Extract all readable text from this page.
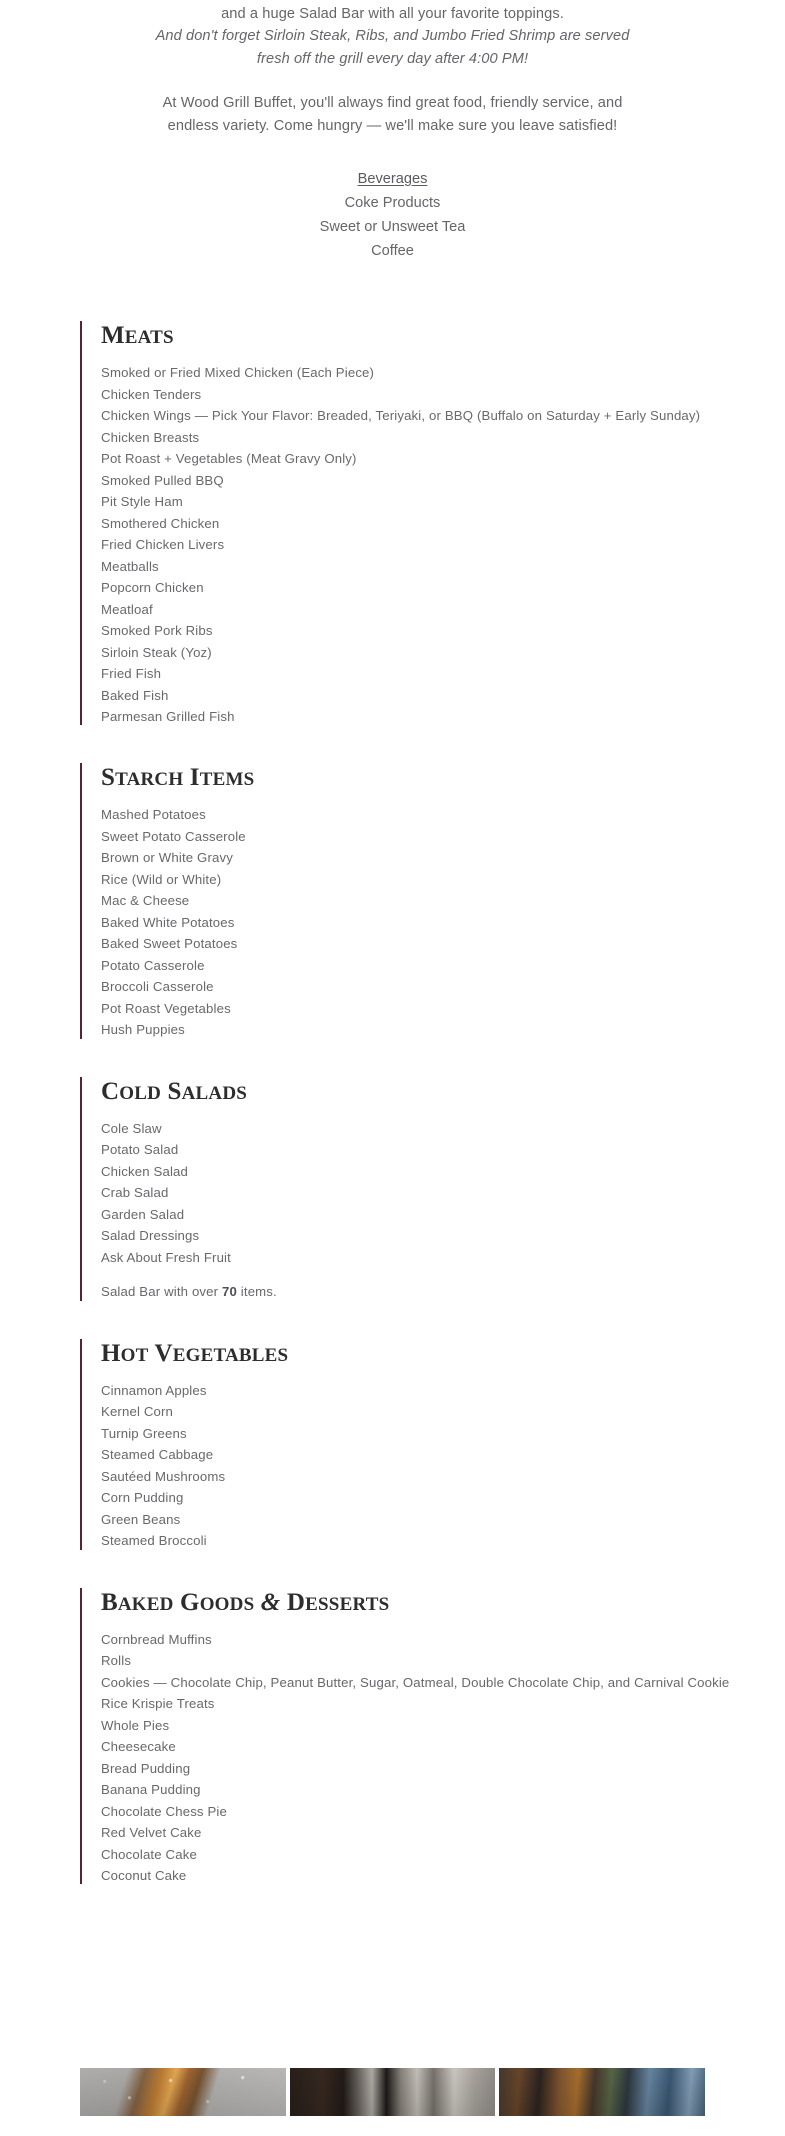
and a huge Salad Bar with all your favorite toppings.

And don't forget Sirloin Steak, Ribs, and Jumbo Fried Shrimp are served

fresh off the grill every day after 4:00 PM!

At Wood Grill Buffet, you'll always find great food, friendly service, and

endless variety. Come hungry — we'll make sure you leave satisfied!

Beverages
Coke Products
Sweet or Unsweet Tea
Coffee
MEATS
Smoked or Fried Mixed Chicken (Each Piece)
Chicken Tenders
Chicken Wings — Pick Your Flavor: Breaded, Teriyaki, or BBQ (Buffalo on Saturday + Early Sunday)
Chicken Breasts
Pot Roast + Vegetables (Meat Gravy Only)
Smoked Pulled BBQ
Pit Style Ham
Smothered Chicken
Fried Chicken Livers
Meatballs
Popcorn Chicken
Meatloaf
Smoked Pork Ribs
Sirloin Steak (Yoz)
Fried Fish
Baked Fish
Parmesan Grilled Fish
STARCH ITEMS
Mashed Potatoes
Sweet Potato Casserole
Brown or White Gravy
Rice (Wild or White)
Mac & Cheese
Baked White Potatoes
Baked Sweet Potatoes
Potato Casserole
Broccoli Casserole
Pot Roast Vegetables
Hush Puppies
COLD SALADS
Cole Slaw
Potato Salad
Chicken Salad
Crab Salad
Garden Salad
Salad Dressings
Ask About Fresh Fruit

Salad Bar with over 70 items.

HOT VEGETABLES
Cinnamon Apples
Kernel Corn
Turnip Greens
Steamed Cabbage
Sautéed Mushrooms
Corn Pudding
Green Beans
Steamed Broccoli
BAKED GOODS & DESSERTS
Cornbread Muffins
Rolls
Cookies — Chocolate Chip, Peanut Butter, Sugar, Oatmeal, Double Chocolate Chip, and Carnival Cookie
Rice Krispie Treats
Whole Pies
Cheesecake
Bread Pudding
Banana Pudding
Chocolate Chess Pie
Red Velvet Cake
Chocolate Cake
Coconut Cake
